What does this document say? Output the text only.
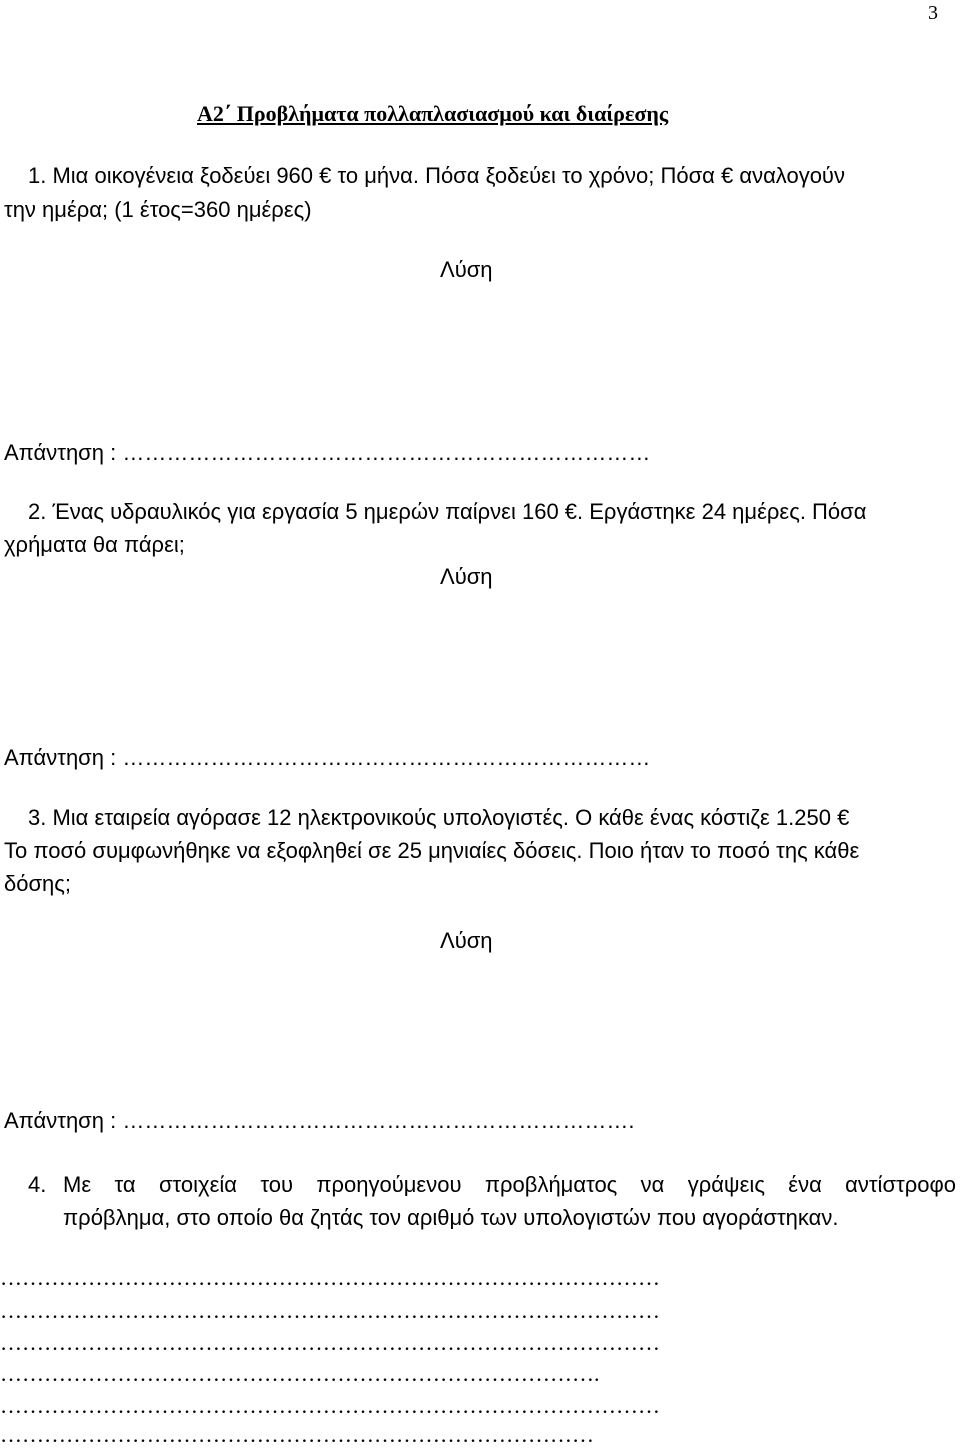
3
Α2΄ Προβλήματα πολλαπλασιασμού και διαίρεσης
1. Μια οικογένεια ξοδεύει 960 € το μήνα. Πόσα ξοδεύει το χρόνο; Πόσα € αναλογούν
την ημέρα; (1 έτος=360 ημέρες)
Λύση
Απάντηση : ………………………………………………………………
2. Ένας υδραυλικός για εργασία 5 ημερών παίρνει 160 €. Εργάστηκε 24 ημέρες. Πόσα
χρήματα θα πάρει;
Λύση
Απάντηση : ………………………………………………………………
3. Μια εταιρεία αγόρασε 12 ηλεκτρονικούς υπολογιστές. Ο κάθε ένας κόστιζε 1.250 €
Το ποσό συμφωνήθηκε να εξοφληθεί σε 25 μηνιαίες δόσεις. Ποιο ήταν το ποσό της κάθε
δόσης;
Λύση
Απάντηση : …………………………………………………………….
4. Με τα στοιχεία του προηγούμενου προβλήματος να γράψεις ένα αντίστροφο
πρόβλημα, στο οποίο θα ζητάς τον αριθμό των υπολογιστών που αγοράστηκαν.
………………………………………………………………………………
………………………………………………………………………………
………………………………………………………………………………
……………………………………………………………………….
………………………………………………………………………………
………………………………………………………………………
